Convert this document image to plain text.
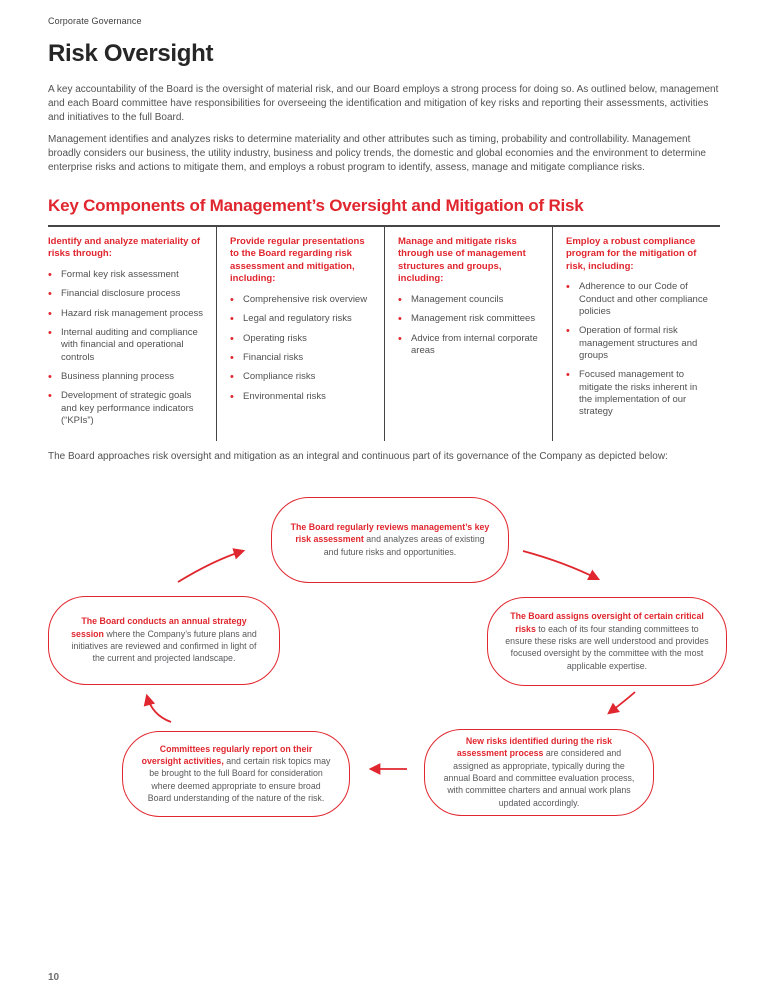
Corporate Governance
Risk Oversight

A key accountability of the Board is the oversight of material risk, and our Board employs a strong process for doing so. As outlined below, management and each Board committee have responsibilities for overseeing the identification and mitigation of key risks and reporting their assessments, activities and initiatives to the full Board.

Management identifies and analyzes risks to determine materiality and other attributes such as timing, probability and controllability. Management broadly considers our business, the utility industry, business and policy trends, the domestic and global economies and the environment to determine enterprise risks and actions to mitigate them, and employs a robust program to identify, assess, manage and mitigate compliance risks.

Key Components of Management’s Oversight and Mitigation of Risk
Identify and analyze materiality of risks through:
• Formal key risk assessment
• Financial disclosure process
• Hazard risk management process
• Internal auditing and compliance with financial and operational controls
• Business planning process
• Development of strategic goals and key performance indicators (“KPIs”)
Provide regular presentations to the Board regarding risk assessment and mitigation, including:
• Comprehensive risk overview
• Legal and regulatory risks
• Operating risks
• Financial risks
• Compliance risks
• Environmental risks
Manage and mitigate risks through use of management structures and groups, including:
• Management councils
• Management risk committees
• Advice from internal corporate areas
Employ a robust compliance program for the mitigation of risk, including:
• Adherence to our Code of Conduct and other compliance policies
• Operation of formal risk management structures and groups
• Focused management to mitigate the risks inherent in the implementation of our strategy

The Board approaches risk oversight and mitigation as an integral and continuous part of its governance of the Company as depicted below:

The Board regularly reviews management’s key risk assessment and analyzes areas of existing and future risks and opportunities.
The Board assigns oversight of certain critical risks to each of its four standing committees to ensure these risks are well understood and provides focused oversight by the committee with the most applicable expertise.
The Board conducts an annual strategy session where the Company’s future plans and initiatives are reviewed and confirmed in light of the current and projected landscape.
Committees regularly report on their oversight activities, and certain risk topics may be brought to the full Board for consideration where deemed appropriate to ensure broad Board understanding of the nature of the risk.
New risks identified during the risk assessment process are considered and assigned as appropriate, typically during the annual Board and committee evaluation process, with committee charters and annual work plans updated accordingly.
10
